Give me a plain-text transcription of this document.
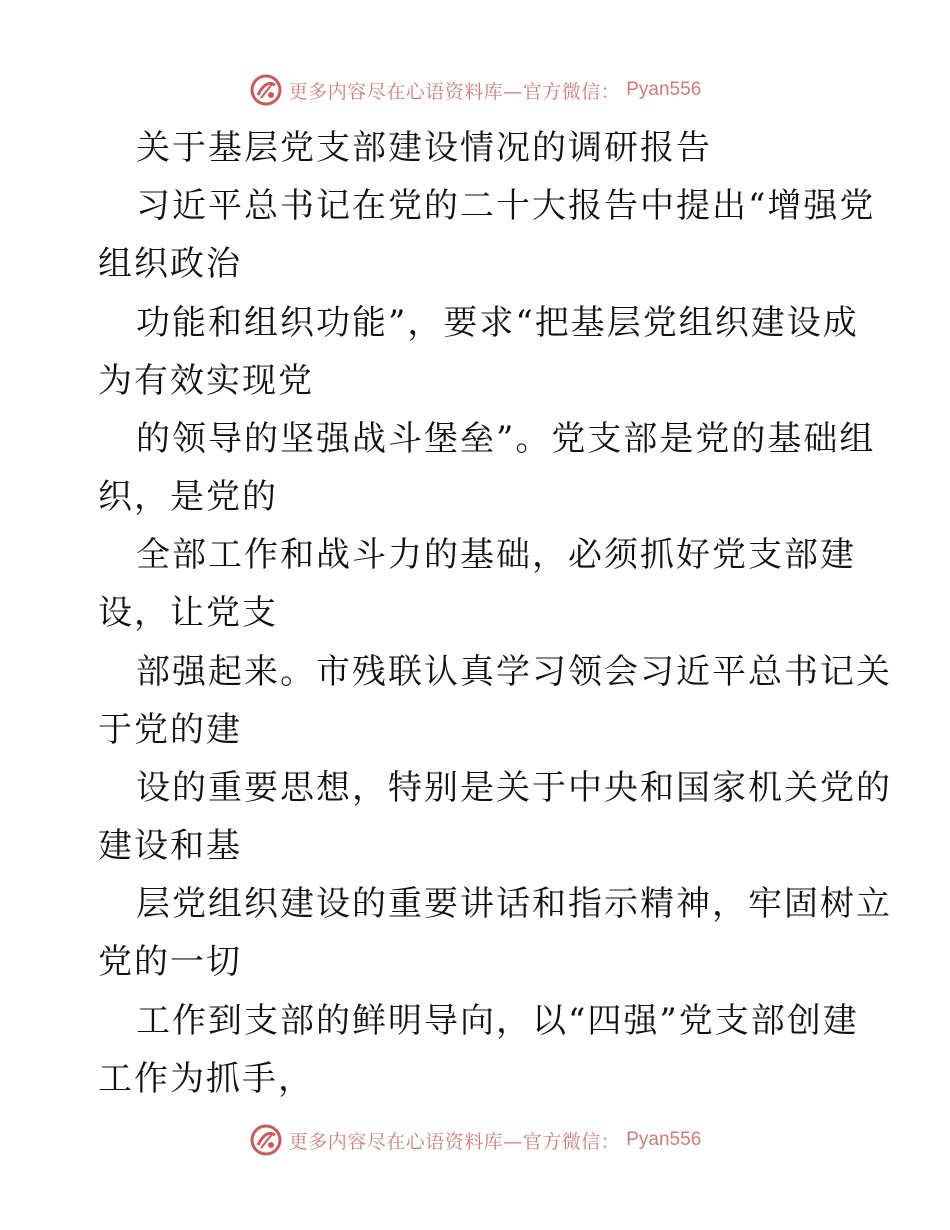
更多内容尽在心语资料库—官方微信： Pyan556
关于基层党支部建设情况的调研报告
习近平总书记在党的二十大报告中提出“增强党
组织政治
功能和组织功能”，要求“把基层党组织建设成
为有效实现党
的领导的坚强战斗堡垒”。党支部是党的基础组
织，是党的
全部工作和战斗力的基础，必须抓好党支部建
设，让党支
部强起来。市残联认真学习领会习近平总书记关
于党的建
设的重要思想，特别是关于中央和国家机关党的
建设和基
层党组织建设的重要讲话和指示精神，牢固树立
党的一切
工作到支部的鲜明导向，以“四强”党支部创建
工作为抓手，
更多内容尽在心语资料库—官方微信： Pyan556
